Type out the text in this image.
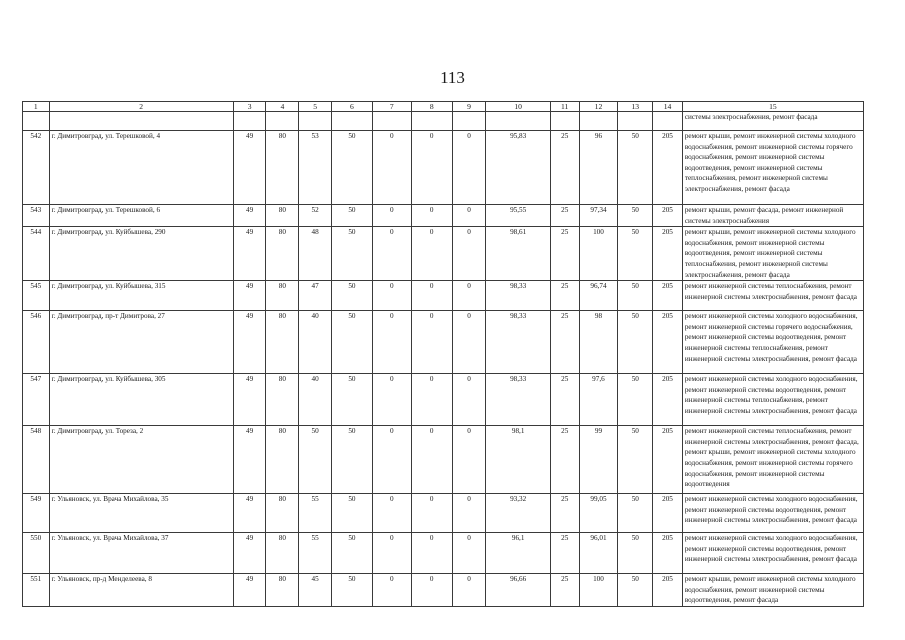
113
1	2	3	4	5	6	7	8	9	10	11	12	13	14	15
														системы электроснабжения, ремонт фасада
542	г. Димитровград, ул. Терешковой, 4	49	80	53	50	0	0	0	95,83	25	96	50	205	ремонт крыши, ремонт инженерной системы холодного водоснабжения, ремонт инженерной системы горячего водоснабжения, ремонт инженерной системы водоотведения, ремонт инженерной системы теплоснабжения, ремонт инженерной системы электроснабжения, ремонт фасада
543	г. Димитровград, ул. Терешковой, 6	49	80	52	50	0	0	0	95,55	25	97,34	50	205	ремонт крыши, ремонт фасада, ремонт инженерной системы электроснабжения
544	г. Димитровград, ул. Куйбышева, 290	49	80	48	50	0	0	0	98,61	25	100	50	205	ремонт крыши, ремонт инженерной системы холодного водоснабжения, ремонт инженерной системы водоотведения, ремонт инженерной системы теплоснабжения, ремонт инженерной системы электроснабжения, ремонт фасада
545	г. Димитровград, ул. Куйбышева, 315	49	80	47	50	0	0	0	98,33	25	96,74	50	205	ремонт инженерной системы теплоснабжения, ремонт инженерной системы электроснабжения, ремонт фасада
546	г. Димитровград, пр-т Димитрова, 27	49	80	40	50	0	0	0	98,33	25	98	50	205	ремонт инженерной системы холодного водоснабжения, ремонт инженерной системы горячего водоснабжения, ремонт инженерной системы водоотведения, ремонт инженерной системы теплоснабжения, ремонт инженерной системы электроснабжения, ремонт фасада
547	г. Димитровград, ул. Куйбышева, 305	49	80	40	50	0	0	0	98,33	25	97,6	50	205	ремонт инженерной системы холодного водоснабжения, ремонт инженерной системы водоотведения, ремонт инженерной системы теплоснабжения, ремонт инженерной системы электроснабжения, ремонт фасада
548	г. Димитровград, ул. Тореза, 2	49	80	50	50	0	0	0	98,1	25	99	50	205	ремонт инженерной системы теплоснабжения, ремонт инженерной системы электроснабжения, ремонт фасада, ремонт крыши, ремонт инженерной системы холодного водоснабжения, ремонт инженерной системы горячего водоснабжения, ремонт инженерной системы водоотведения
549	г. Ульяновск, ул. Врача Михайлова, 35	49	80	55	50	0	0	0	93,32	25	99,05	50	205	ремонт инженерной системы холодного водоснабжения, ремонт инженерной системы водоотведения, ремонт инженерной системы электроснабжения, ремонт фасада
550	г. Ульяновск, ул. Врача Михайлова, 37	49	80	55	50	0	0	0	96,1	25	96,01	50	205	ремонт инженерной системы холодного водоснабжения, ремонт инженерной системы водоотведения, ремонт инженерной системы электроснабжения, ремонт фасада
551	г. Ульяновск, пр-д Менделеева, 8	49	80	45	50	0	0	0	96,66	25	100	50	205	ремонт крыши, ремонт инженерной системы холодного водоснабжения, ремонт инженерной системы водоотведения, ремонт фасада
